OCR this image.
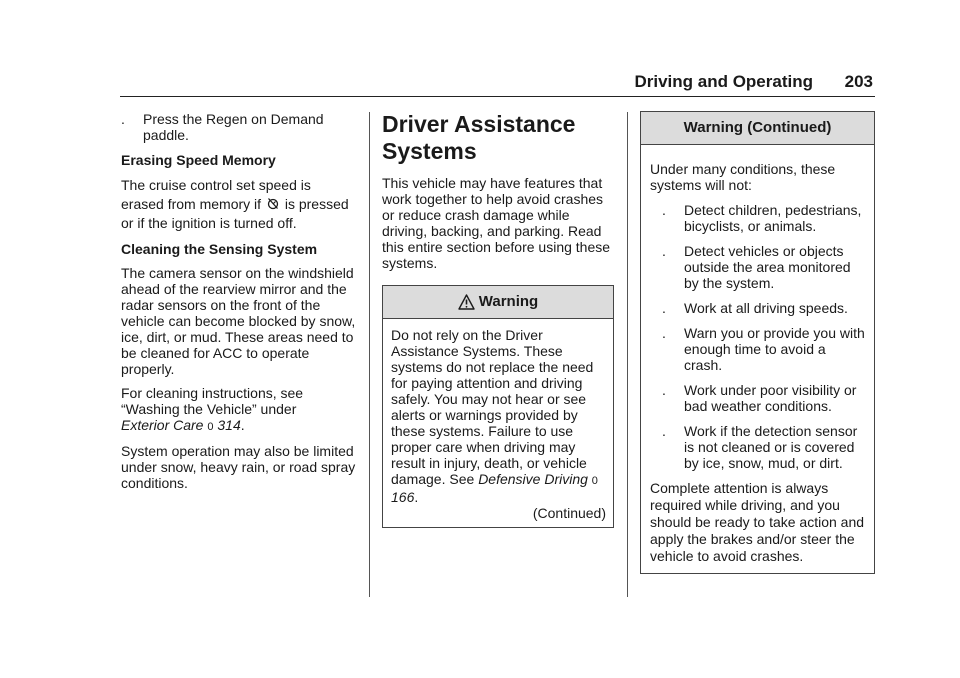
Driving and Operating 203
.	Press the Regen on Demand paddle.
Erasing Speed Memory
The cruise control set speed is
erased from memory if is pressed
or if the ignition is turned off.
Cleaning the Sensing System
The camera sensor on the windshield ahead of the rearview mirror and the radar sensors on the front of the vehicle can become blocked by snow, ice, dirt, or mud. These areas need to be cleaned for ACC to operate properly.
For cleaning instructions, see “Washing the Vehicle” under
Exterior Care 0 314.
System operation may also be limited under snow, heavy rain, or road spray conditions.
Driver Assistance
Systems
This vehicle may have features that work together to help avoid crashes or reduce crash damage while driving, backing, and parking. Read this entire section before using these systems.
Warning
Do not rely on the Driver Assistance Systems. These systems do not replace the need for paying attention and driving safely. You may not hear or see alerts or warnings provided by these systems. Failure to use proper care when driving may result in injury, death, or vehicle damage. See Defensive Driving 0 166.
(Continued)
Warning (Continued)
Under many conditions, these systems will not:
.	Detect children, pedestrians, bicyclists, or animals.
.	Detect vehicles or objects outside the area monitored by the system.
.	Work at all driving speeds.
.	Warn you or provide you with enough time to avoid a crash.
.	Work under poor visibility or bad weather conditions.
.	Work if the detection sensor is not cleaned or is covered by ice, snow, mud, or dirt.
Complete attention is always required while driving, and you should be ready to take action and apply the brakes and/or steer the vehicle to avoid crashes.
